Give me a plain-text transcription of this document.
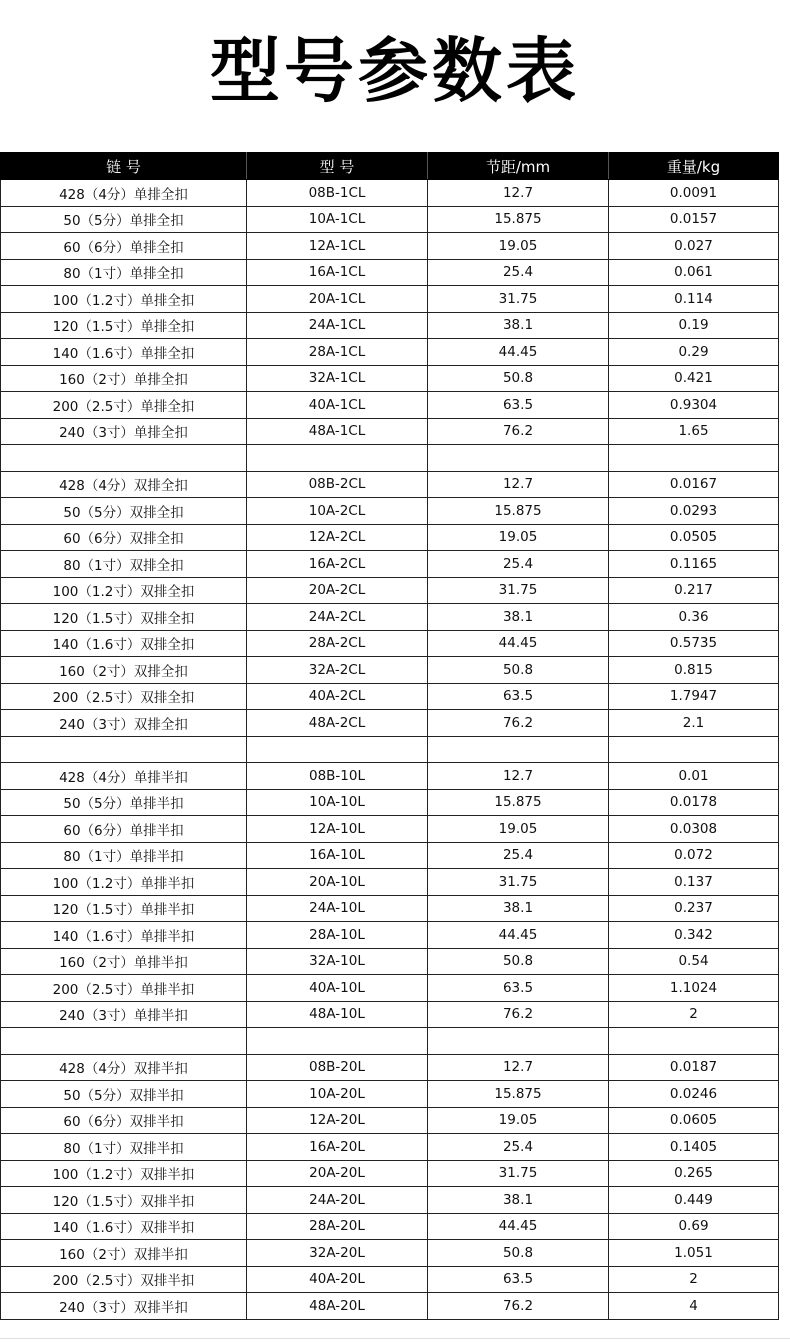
型号参数表
链 号	型 号	节距/mm	重量/kg
428（4分）单排全扣	08B-1CL	12.7	0.0091
50（5分）单排全扣	10A-1CL	15.875	0.0157
60（6分）单排全扣	12A-1CL	19.05	0.027
80（1寸）单排全扣	16A-1CL	25.4	0.061
100（1.2寸）单排全扣	20A-1CL	31.75	0.114
120（1.5寸）单排全扣	24A-1CL	38.1	0.19
140（1.6寸）单排全扣	28A-1CL	44.45	0.29
160（2寸）单排全扣	32A-1CL	50.8	0.421
200（2.5寸）单排全扣	40A-1CL	63.5	0.9304
240（3寸）单排全扣	48A-1CL	76.2	1.65

428（4分）双排全扣	08B-2CL	12.7	0.0167
50（5分）双排全扣	10A-2CL	15.875	0.0293
60（6分）双排全扣	12A-2CL	19.05	0.0505
80（1寸）双排全扣	16A-2CL	25.4	0.1165
100（1.2寸）双排全扣	20A-2CL	31.75	0.217
120（1.5寸）双排全扣	24A-2CL	38.1	0.36
140（1.6寸）双排全扣	28A-2CL	44.45	0.5735
160（2寸）双排全扣	32A-2CL	50.8	0.815
200（2.5寸）双排全扣	40A-2CL	63.5	1.7947
240（3寸）双排全扣	48A-2CL	76.2	2.1

428（4分）单排半扣	08B-10L	12.7	0.01
50（5分）单排半扣	10A-10L	15.875	0.0178
60（6分）单排半扣	12A-10L	19.05	0.0308
80（1寸）单排半扣	16A-10L	25.4	0.072
100（1.2寸）单排半扣	20A-10L	31.75	0.137
120（1.5寸）单排半扣	24A-10L	38.1	0.237
140（1.6寸）单排半扣	28A-10L	44.45	0.342
160（2寸）单排半扣	32A-10L	50.8	0.54
200（2.5寸）单排半扣	40A-10L	63.5	1.1024
240（3寸）单排半扣	48A-10L	76.2	2

428（4分）双排半扣	08B-20L	12.7	0.0187
50（5分）双排半扣	10A-20L	15.875	0.0246
60（6分）双排半扣	12A-20L	19.05	0.0605
80（1寸）双排半扣	16A-20L	25.4	0.1405
100（1.2寸）双排半扣	20A-20L	31.75	0.265
120（1.5寸）双排半扣	24A-20L	38.1	0.449
140（1.6寸）双排半扣	28A-20L	44.45	0.69
160（2寸）双排半扣	32A-20L	50.8	1.051
200（2.5寸）双排半扣	40A-20L	63.5	2
240（3寸）双排半扣	48A-20L	76.2	4
